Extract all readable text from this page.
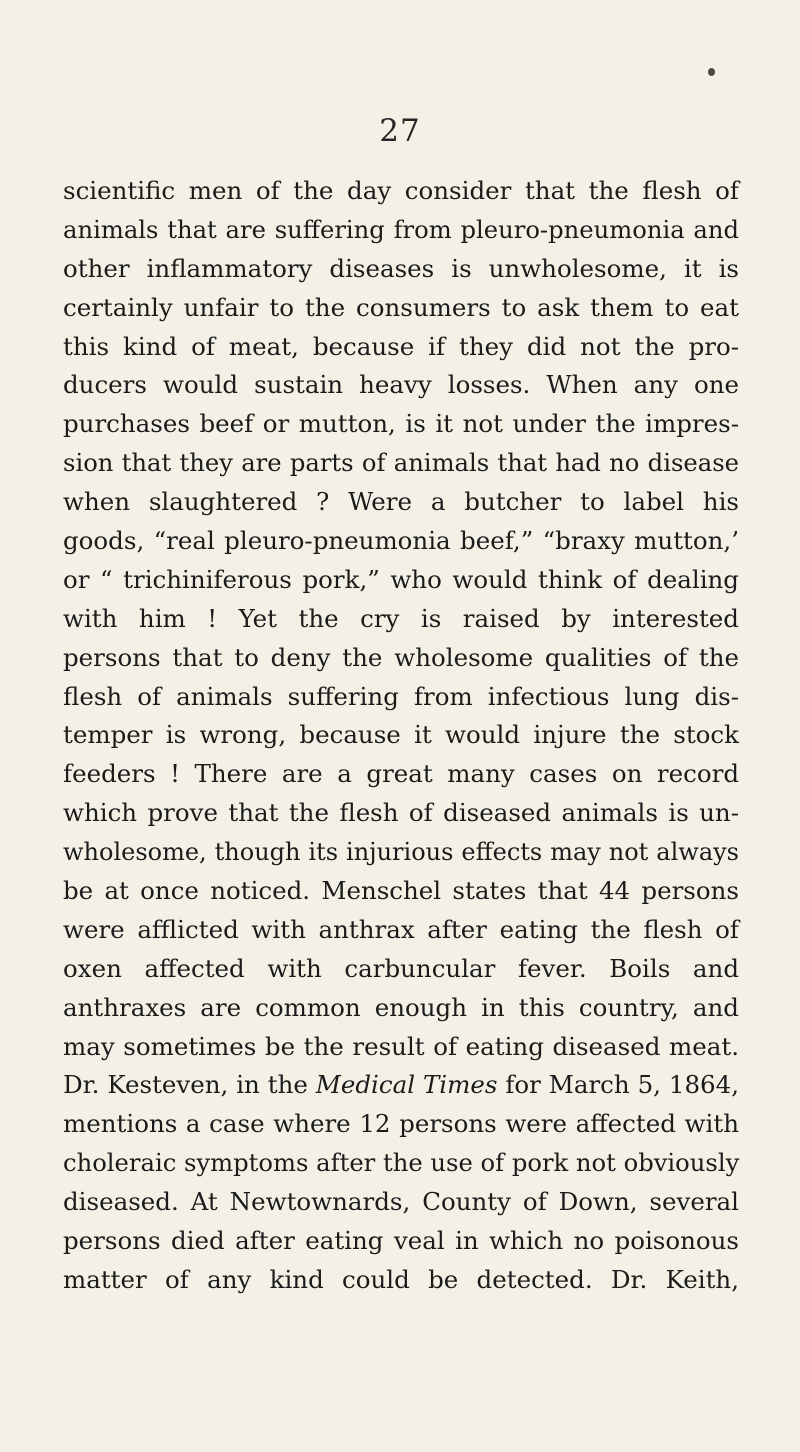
27
scientific men of the day consider that the flesh of
animals that are suffering from pleuro-pneumonia and
other inflammatory diseases is unwholesome, it is
certainly unfair to the consumers to ask them to eat
this kind of meat, because if they did not the pro-
ducers would sustain heavy losses. When any one
purchases beef or mutton, is it not under the impres-
sion that they are parts of animals that had no disease
when slaughtered ? Were a butcher to label his
goods, “real pleuro-pneumonia beef,” “braxy mutton,’
or “ trichiniferous pork,” who would think of dealing
with him ! Yet the cry is raised by interested
persons that to deny the wholesome qualities of the
flesh of animals suffering from infectious lung dis-
temper is wrong, because it would injure the stock
feeders ! There are a great many cases on record
which prove that the flesh of diseased animals is un-
wholesome, though its injurious effects may not always
be at once noticed. Menschel states that 44 persons
were afflicted with anthrax after eating the flesh of
oxen affected with carbuncular fever. Boils and
anthraxes are common enough in this country, and
may sometimes be the result of eating diseased meat.
Dr. Kesteven, in the Medical Times for March 5, 1864,
mentions a case where 12 persons were affected with
choleraic symptoms after the use of pork not obviously
diseased. At Newtownards, County of Down, several
persons died after eating veal in which no poisonous
matter of any kind could be detected. Dr. Keith,
